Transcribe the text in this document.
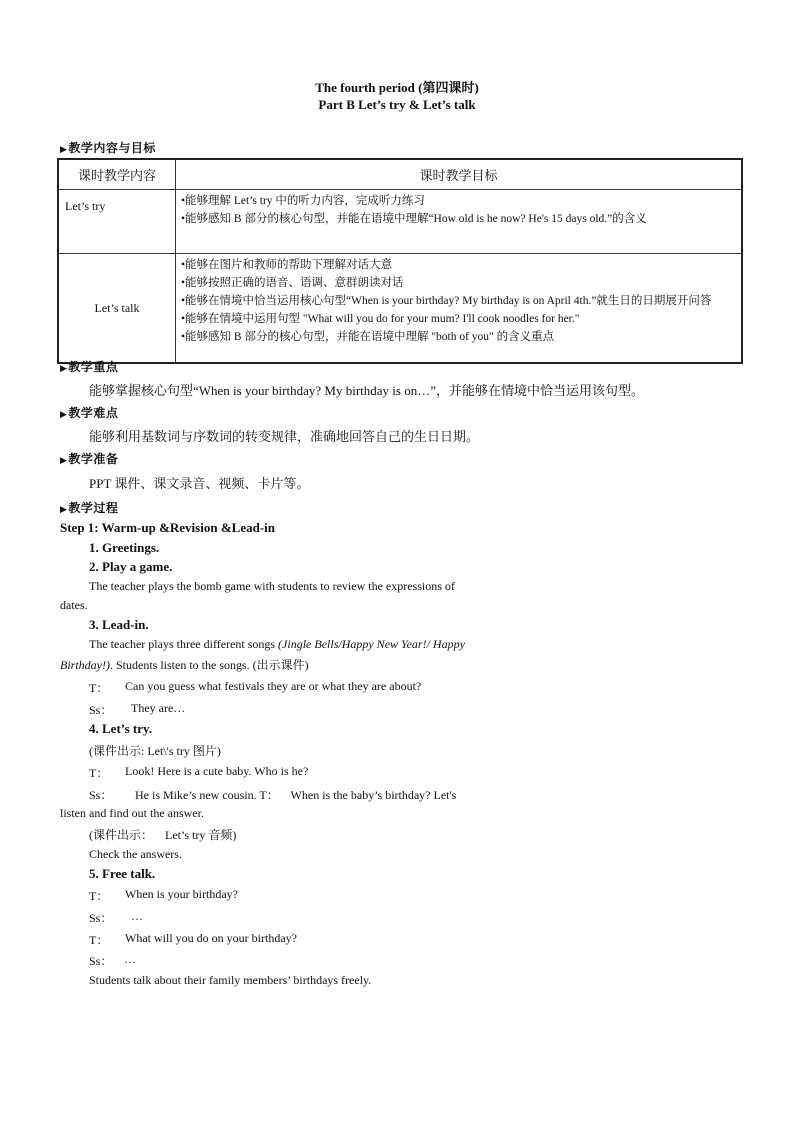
The fourth period (第四课时)
Part B Let’s try & Let’s talk
▶教学内容与目标
课时教学内容	课时教学目标
Let’s try	•能够理解 Let’s try 中的听力内容，完成听力练习
•能够感知 B 部分的核心句型，并能在语境中理解“How old is he now? He's 15 days old.”的含义

Let’s talk	•能够在图片和教师的帮助下理解对话大意
•能够按照正确的语音、语调、意群朗读对话
•能够在情境中恰当运用核心句型“When is your birthday? My birthday is on April 4th.”就生日的日期展开问答
•能够在情境中运用句型 "What will you do for your mum? I'll cook noodles for her."
•能够感知 B 部分的核心句型，并能在语境中理解 "both of you" 的含义重点
▶教学重点
能够掌握核心句型“When is your birthday? My birthday is on…”，并能够在情境中恰当运用该句型。
▶教学难点
能够利用基数词与序数词的转变规律，准确地回答自己的生日日期。
▶教学准备
PPT 课件、课文录音、视频、卡片等。
▶教学过程
Step 1: Warm-up &Revision &Lead-in
1. Greetings.
2. Play a game.
The teacher plays the bomb game with students to review the expressions of
dates.
3. Lead-in.
The teacher plays three different songs (Jingle Bells/Happy New Year!/ Happy
Birthday!). Students listen to the songs. (出示课件)
T： Can you guess what festivals they are or what they are about?
Ss： They are…
4. Let’s try.
(课件出示: Let\'s try 图片)
T： Look! Here is a cute baby. Who is he?
Ss： He is Mike’s new cousin. T：    When is the baby’s birthday? Let's
listen and find out the answer.
(课件出示：    Let’s try 音频)
Check the answers.
5. Free talk.
T： When is your birthday?
Ss： …
T： What will you do on your birthday?
Ss： …
Students talk about their family members’ birthdays freely.
